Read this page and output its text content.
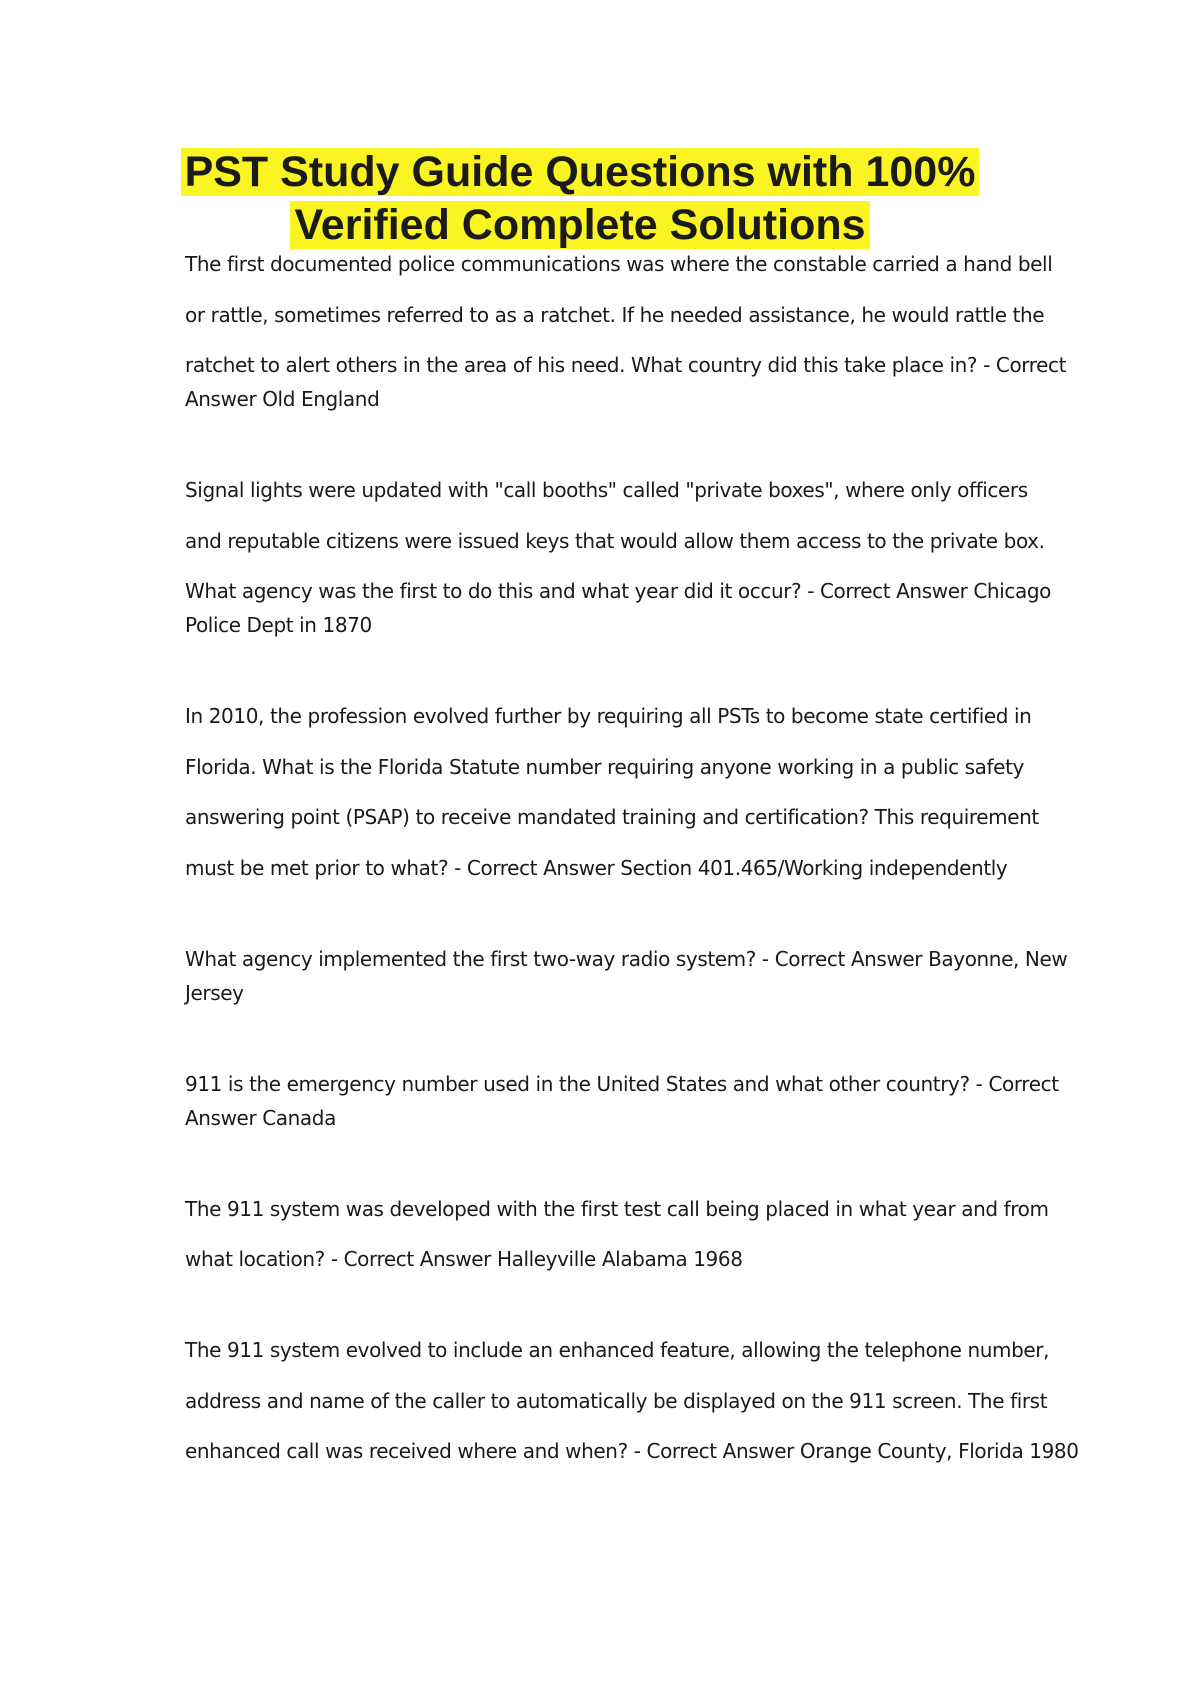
PST Study Guide Questions with 100%
Verified Complete Solutions
The first documented police communications was where the constable carried a hand bell
or rattle, sometimes referred to as a ratchet. If he needed assistance, he would rattle the
ratchet to alert others in the area of his need. What country did this take place in? - Correct
Answer Old England
Signal lights were updated with "call booths" called "private boxes", where only officers
and reputable citizens were issued keys that would allow them access to the private box.
What agency was the first to do this and what year did it occur? - Correct Answer Chicago
Police Dept in 1870
In 2010, the profession evolved further by requiring all PSTs to become state certified in
Florida. What is the Florida Statute number requiring anyone working in a public safety
answering point (PSAP) to receive mandated training and certification? This requirement
must be met prior to what? - Correct Answer Section 401.465/Working independently
What agency implemented the first two-way radio system? - Correct Answer Bayonne, New
Jersey
911 is the emergency number used in the United States and what other country? - Correct
Answer Canada
The 911 system was developed with the first test call being placed in what year and from
what location? - Correct Answer Halleyville Alabama 1968
The 911 system evolved to include an enhanced feature, allowing the telephone number,
address and name of the caller to automatically be displayed on the 911 screen. The first
enhanced call was received where and when? - Correct Answer Orange County, Florida 1980
